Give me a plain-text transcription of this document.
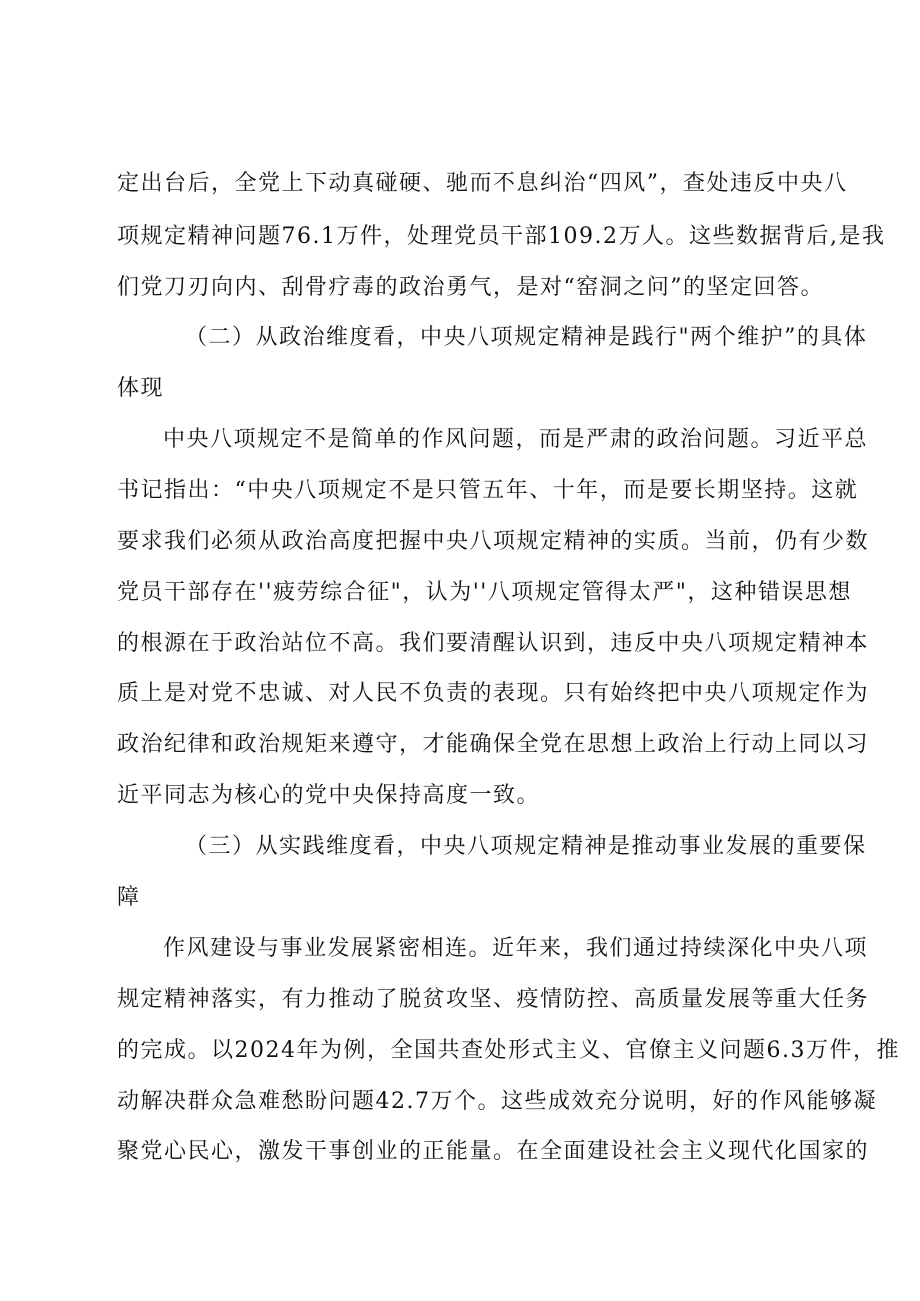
定出台后，全党上下动真碰硬、驰而不息纠治“四风”，查处违反中央八
项规定精神问题76.1万件，处理党员干部109.2万人。这些数据背后,是我
们党刀刃向内、刮骨疗毒的政治勇气，是对“窑洞之问”的坚定回答。
（二）从政治维度看，中央八项规定精神是践行"两个维护”的具体
体现
中央八项规定不是简单的作风问题，而是严肃的政治问题。习近平总
书记指出：“中央八项规定不是只管五年、十年，而是要长期坚持。这就
要求我们必须从政治高度把握中央八项规定精神的实质。当前，仍有少数
党员干部存在''疲劳综合征"，认为''八项规定管得太严"，这种错误思想
的根源在于政治站位不高。我们要清醒认识到，违反中央八项规定精神本
质上是对党不忠诚、对人民不负责的表现。只有始终把中央八项规定作为
政治纪律和政治规矩来遵守，才能确保全党在思想上政治上行动上同以习
近平同志为核心的党中央保持高度一致。
（三）从实践维度看，中央八项规定精神是推动事业发展的重要保
障
作风建设与事业发展紧密相连。近年来，我们通过持续深化中央八项
规定精神落实，有力推动了脱贫攻坚、疫情防控、高质量发展等重大任务
的完成。以2024年为例，全国共查处形式主义、官僚主义问题6.3万件，推
动解决群众急难愁盼问题42.7万个。这些成效充分说明，好的作风能够凝
聚党心民心，激发干事创业的正能量。在全面建设社会主义现代化国家的
